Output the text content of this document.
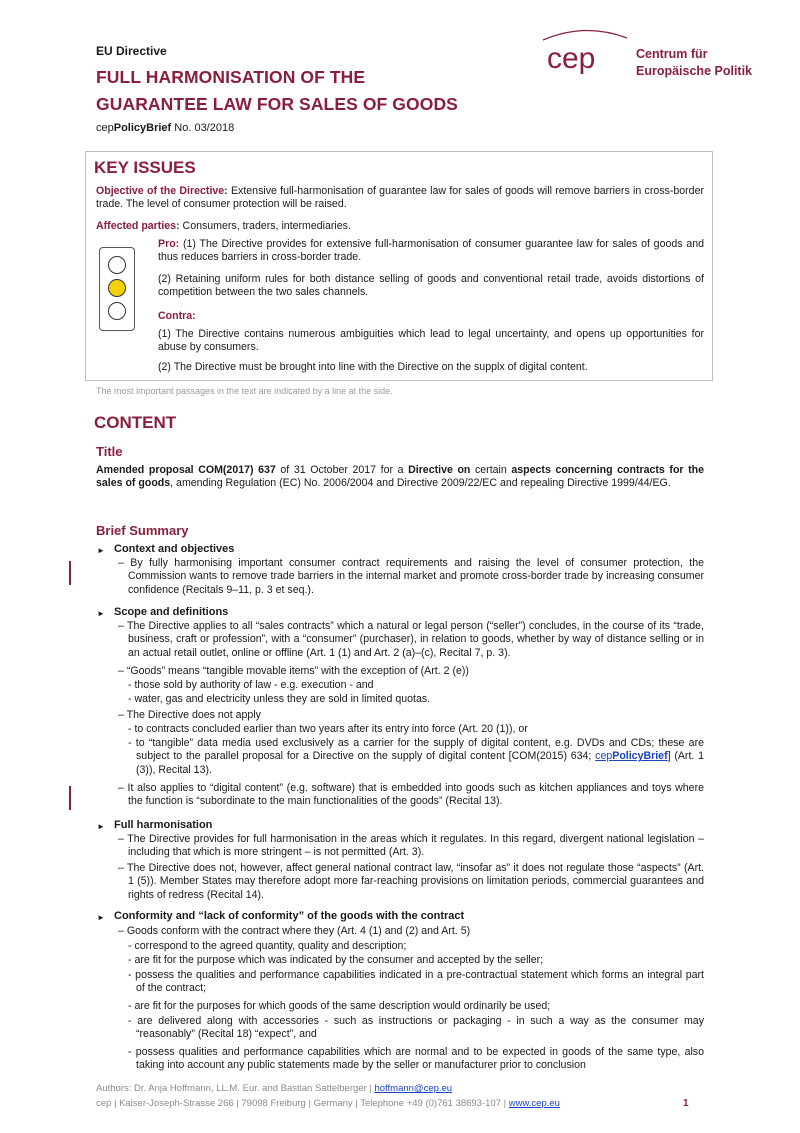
EU Directive
FULL HARMONISATION OF THE
GUARANTEE LAW FOR SALES OF GOODS
cepPolicyBrief No. 03/2018
cep	Centrum für
Europäische Politik
KEY ISSUES
Objective of the Directive: Extensive full-harmonisation of guarantee law for sales of goods will remove barriers in cross-border trade. The level of consumer protection will be raised.
Affected parties: Consumers, traders, intermediaries.
Pro: (1) The Directive provides for extensive full-harmonisation of consumer guarantee law for sales of goods and thus reduces barriers in cross-border trade.
(2) Retaining uniform rules for both distance selling of goods and conventional retail trade, avoids distortions of competition between the two sales channels.
Contra:
(1) The Directive contains numerous ambiguities which lead to legal uncertainty, and opens up opportunities for abuse by consumers.
(2) The Directive must be brought into line with the Directive on the supplx of digital content.
The most important passages in the text are indicated by a line at the side.
CONTENT
Title
Amended proposal COM(2017) 637 of 31 October 2017 for a Directive on certain aspects concerning contracts for the sales of goods, amending Regulation (EC) No. 2006/2004 and Directive 2009/22/EC and repealing Directive 1999/44/EG.
Brief Summary
► Context and objectives
– By fully harmonising important consumer contract requirements and raising the level of consumer protection, the Commission wants to remove trade barriers in the internal market and promote cross-border trade by increasing consumer confidence (Recitals 9–11, p. 3 et seq.).
► Scope and definitions
– The Directive applies to all “sales contracts” which a natural or legal person (“seller”) concludes, in the course of its “trade, business, craft or profession”, with a “consumer” (purchaser), in relation to goods, whether by way of distance selling or in an actual retail outlet, online or offline (Art. 1 (1) and Art. 2 (a)–(c), Recital 7, p. 3).
– “Goods” means “tangible movable items” with the exception of (Art. 2 (e))
- those sold by authority of law - e.g. execution - and
- water, gas and electricity unless they are sold in limited quotas.
– The Directive does not apply
- to contracts concluded earlier than two years after its entry into force (Art. 20 (1)), or
- to “tangible” data media used exclusively as a carrier for the supply of digital content, e.g. DVDs and CDs; these are subject to the parallel proposal for a Directive on the supply of digital content [COM(2015) 634; cepPolicyBrief] (Art. 1 (3)), Recital 13).
– It also applies to “digital content” (e.g. software) that is embedded into goods such as kitchen appliances and toys where the function is “subordinate to the main functionalities of the goods” (Recital 13).
► Full harmonisation
– The Directive provides for full harmonisation in the areas which it regulates. In this regard, divergent national legislation – including that which is more stringent – is not permitted (Art. 3).
– The Directive does not, however, affect general national contract law, “insofar as” it does not regulate those “aspects” (Art. 1 (5)). Member States may therefore adopt more far-reaching provisions on limitation periods, commercial guarantees and rights of redress (Recital 14).
► Conformity and “lack of conformity” of the goods with the contract
– Goods conform with the contract where they (Art. 4 (1) and (2) and Art. 5)
- correspond to the agreed quantity, quality and description;
- are fit for the purpose which was indicated by the consumer and accepted by the seller;
- possess the qualities and performance capabilities indicated in a pre-contractual statement which forms an integral part of the contract;
- are fit for the purposes for which goods of the same description would ordinarily be used;
- are delivered along with accessories - such as instructions or packaging - in such a way as the consumer may “reasonably” (Recital 18) “expect”, and
- possess qualities and performance capabilities which are normal and to be expected in goods of the same type, also taking into account any public statements made by the seller or manufacturer prior to conclusion
Authors: Dr. Anja Hoffmann, LL.M. Eur. and Bastian Sattelberger | hoffmann@cep.eu
cep | Kaiser-Joseph-Strasse 266 | 79098 Freiburg | Germany | Telephone +49 (0)761 38693-107 | www.cep.eu	1
